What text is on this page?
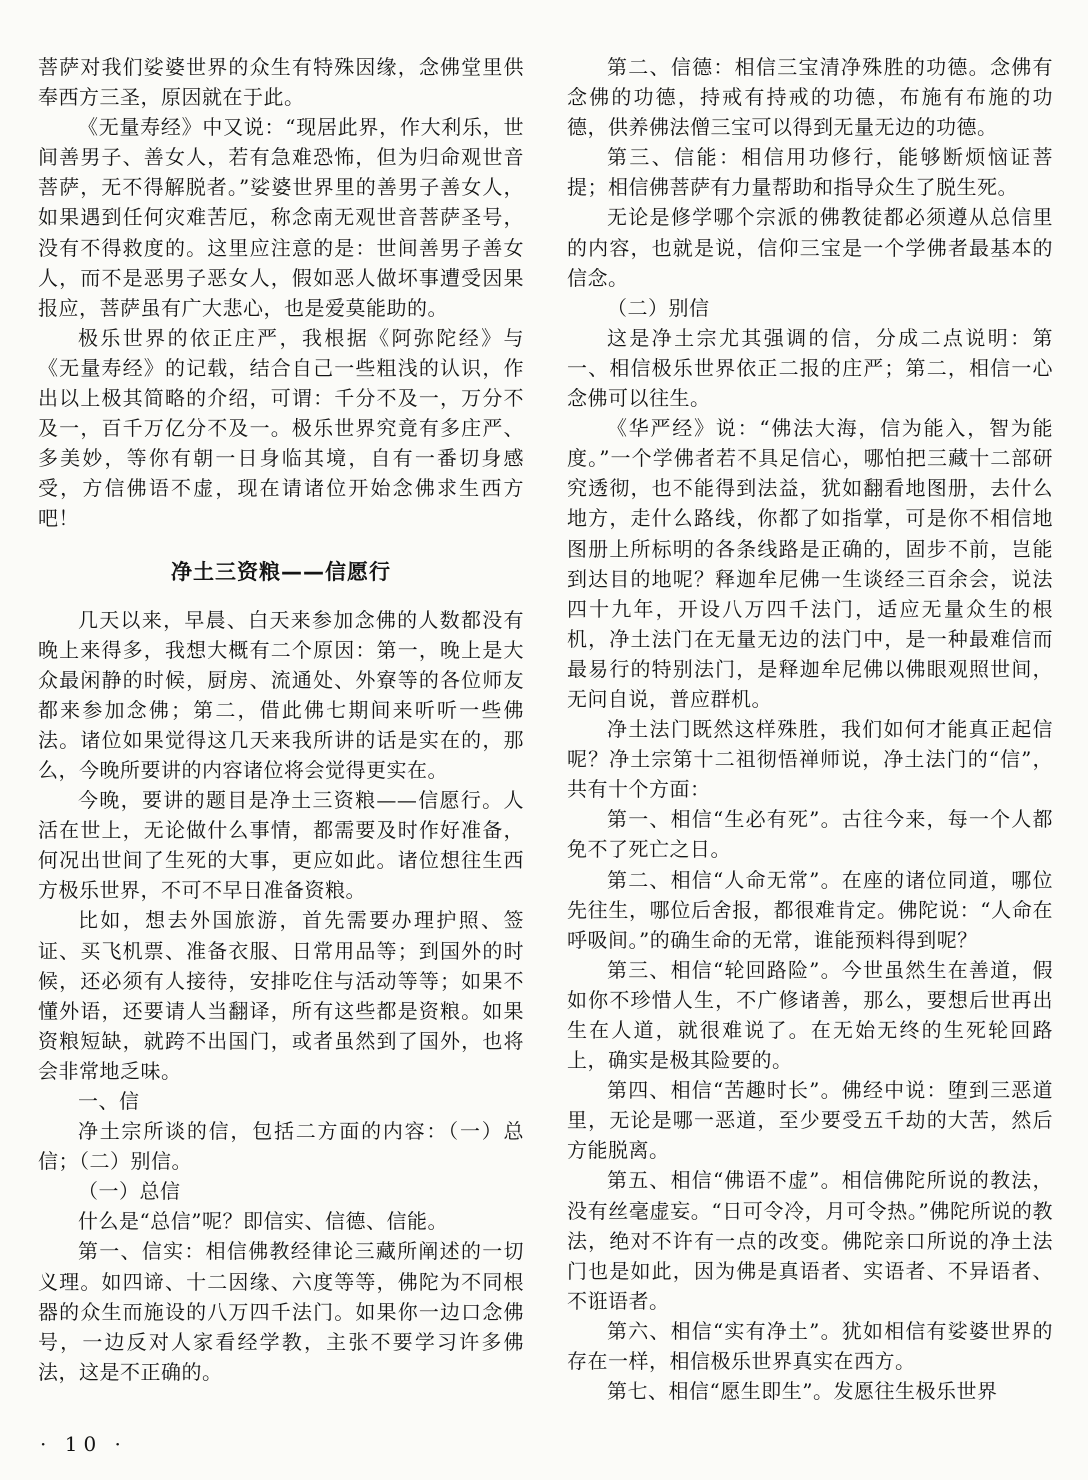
菩萨对我们娑婆世界的众生有特殊因缘，念佛堂里供奉西方三圣，原因就在于此。

《无量寿经》中又说：“现居此界，作大利乐，世间善男子、善女人，若有急难恐怖，但为归命观世音菩萨，无不得解脱者。”娑婆世界里的善男子善女人，如果遇到任何灾难苦厄，称念南无观世音菩萨圣号，没有不得救度的。这里应注意的是：世间善男子善女人，而不是恶男子恶女人，假如恶人做坏事遭受因果报应，菩萨虽有广大悲心，也是爱莫能助的。

极乐世界的依正庄严，我根据《阿弥陀经》与《无量寿经》的记载，结合自己一些粗浅的认识，作出以上极其简略的介绍，可谓：千分不及一，万分不及一，百千万亿分不及一。极乐世界究竟有多庄严、多美妙，等你有朝一日身临其境，自有一番切身感受，方信佛语不虚，现在请诸位开始念佛求生西方吧！

净土三资粮——信愿行

几天以来，早晨、白天来参加念佛的人数都没有晚上来得多，我想大概有二个原因：第一，晚上是大众最闲静的时候，厨房、流通处、外寮等的各位师友都来参加念佛；第二，借此佛七期间来听听一些佛法。诸位如果觉得这几天来我所讲的话是实在的，那么，今晚所要讲的内容诸位将会觉得更实在。

今晚，要讲的题目是净土三资粮——信愿行。人活在世上，无论做什么事情，都需要及时作好准备，何况出世间了生死的大事，更应如此。诸位想往生西方极乐世界，不可不早日准备资粮。

比如，想去外国旅游，首先需要办理护照、签证、买飞机票、准备衣服、日常用品等；到国外的时候，还必须有人接待，安排吃住与活动等等；如果不懂外语，还要请人当翻译，所有这些都是资粮。如果资粮短缺，就跨不出国门，或者虽然到了国外，也将会非常地乏味。

一、信

净土宗所谈的信，包括二方面的内容：（一）总信；（二）别信。

（一）总信

什么是“总信”呢？即信实、信德、信能。

第一、信实：相信佛教经律论三藏所阐述的一切义理。如四谛、十二因缘、六度等等，佛陀为不同根器的众生而施设的八万四千法门。如果你一边口念佛号，一边反对人家看经学教，主张不要学习许多佛法，这是不正确的。

第二、信德：相信三宝清净殊胜的功德。念佛有念佛的功德，持戒有持戒的功德，布施有布施的功德，供养佛法僧三宝可以得到无量无边的功德。

第三、信能：相信用功修行，能够断烦恼证菩提；相信佛菩萨有力量帮助和指导众生了脱生死。

无论是修学哪个宗派的佛教徒都必须遵从总信里的内容，也就是说，信仰三宝是一个学佛者最基本的信念。

（二）别信

这是净土宗尤其强调的信，分成二点说明：第一、相信极乐世界依正二报的庄严；第二，相信一心念佛可以往生。

《华严经》说：“佛法大海，信为能入，智为能度。”一个学佛者若不具足信心，哪怕把三藏十二部研究透彻，也不能得到法益，犹如翻看地图册，去什么地方，走什么路线，你都了如指掌，可是你不相信地图册上所标明的各条线路是正确的，固步不前，岂能到达目的地呢？释迦牟尼佛一生谈经三百余会，说法四十九年，开设八万四千法门，适应无量众生的根机，净土法门在无量无边的法门中，是一种最难信而最易行的特别法门，是释迦牟尼佛以佛眼观照世间，无问自说，普应群机。

净土法门既然这样殊胜，我们如何才能真正起信呢？净土宗第十二祖彻悟禅师说，净土法门的“信”，共有十个方面：

第一、相信“生必有死”。古往今来，每一个人都免不了死亡之日。

第二、相信“人命无常”。在座的诸位同道，哪位先往生，哪位后舍报，都很难肯定。佛陀说：“人命在呼吸间。”的确生命的无常，谁能预料得到呢？

第三、相信“轮回路险”。今世虽然生在善道，假如你不珍惜人生，不广修诸善，那么，要想后世再出生在人道，就很难说了。在无始无终的生死轮回路上，确实是极其险要的。

第四、相信“苦趣时长”。佛经中说：堕到三恶道里，无论是哪一恶道，至少要受五千劫的大苦，然后方能脱离。

第五、相信“佛语不虚”。相信佛陀所说的教法，没有丝毫虚妄。“日可令冷，月可令热。”佛陀所说的教法，绝对不许有一点的改变。佛陀亲口所说的净土法门也是如此，因为佛是真语者、实语者、不异语者、不诳语者。

第六、相信“实有净土”。犹如相信有娑婆世界的存在一样，相信极乐世界真实在西方。

第七、相信“愿生即生”。发愿往生极乐世界

· 10 ·
